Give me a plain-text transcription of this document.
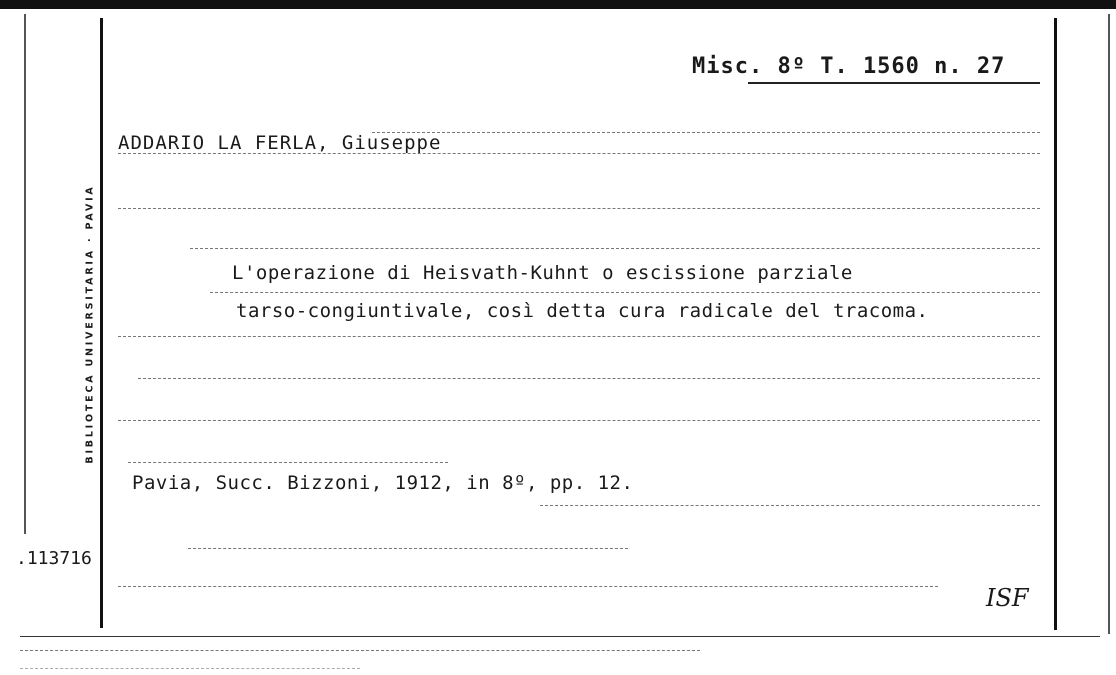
Misc. 8º T. 1560 n. 27
ADDARIO LA FERLA, Giuseppe
L'operazione di Heisvath-Kuhnt o escissione parziale
tarso-congiuntivale, così detta cura radicale del tracoma.
Pavia, Succ. Bizzoni, 1912, in 8º, pp. 12.
.113716
ISF
BIBLIOTECA UNIVERSITARIA · PAVIA
